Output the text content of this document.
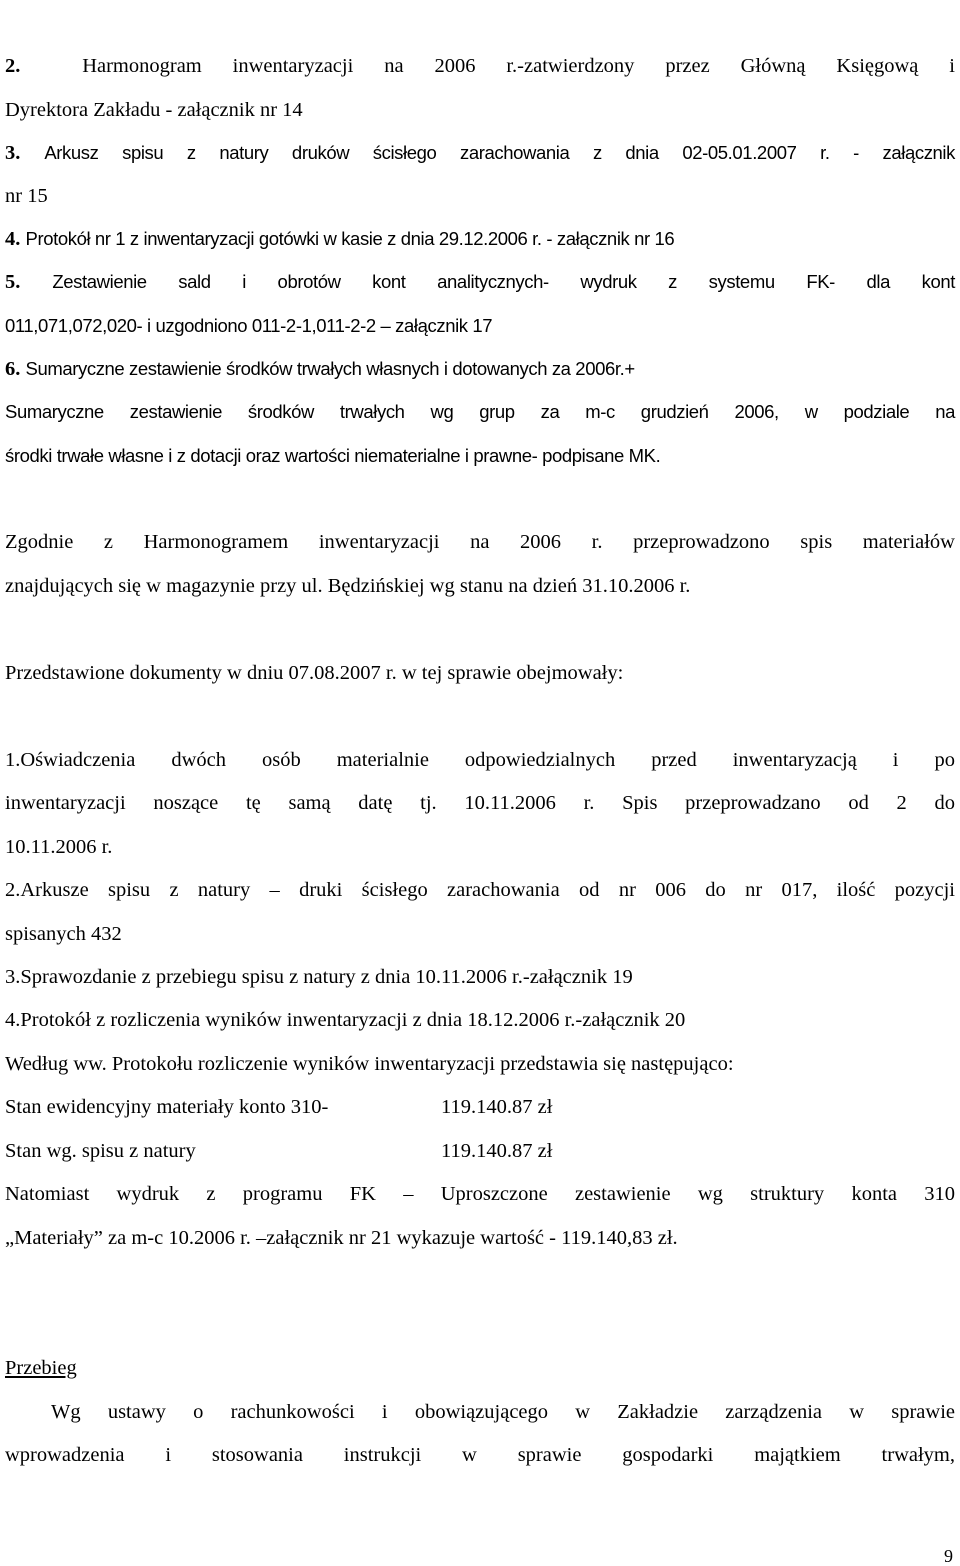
2.	Harmonogram inwentaryzacji na 2006 r.-zatwierdzony przez Główną Księgową i
Dyrektora Zakładu - załącznik nr 14
3. Arkusz spisu z natury druków ścisłego zarachowania z dnia 02-05.01.2007 r. - załącznik
nr 15
4. Protokół nr 1 z inwentaryzacji gotówki w kasie z dnia 29.12.2006 r. - załącznik nr 16
5. Zestawienie sald i obrotów kont analitycznych- wydruk z systemu FK- dla kont
011,071,072,020- i uzgodniono 011-2-1,011-2-2 – załącznik 17
6. Sumaryczne zestawienie środków trwałych własnych i dotowanych za 2006r.+
Sumaryczne zestawienie środków trwałych wg grup za m-c grudzień 2006, w podziale na
środki trwałe własne i z dotacji oraz wartości niematerialne i prawne- podpisane MK.
Zgodnie z Harmonogramem inwentaryzacji na 2006 r. przeprowadzono spis materiałów
znajdujących się w magazynie przy ul. Będzińskiej wg stanu na dzień 31.10.2006 r.
Przedstawione dokumenty w dniu 07.08.2007 r. w tej sprawie obejmowały:
1.Oświadczenia dwóch osób materialnie odpowiedzialnych przed inwentaryzacją i po
inwentaryzacji noszące tę samą datę tj. 10.11.2006 r. Spis przeprowadzano od 2 do
10.11.2006 r.
2.Arkusze spisu z natury – druki ścisłego zarachowania od nr 006 do nr 017, ilość pozycji
spisanych 432
3.Sprawozdanie z przebiegu spisu z natury z dnia 10.11.2006 r.-załącznik 19
4.Protokół z rozliczenia wyników inwentaryzacji z dnia 18.12.2006 r.-załącznik 20
Według ww. Protokołu rozliczenie wyników inwentaryzacji przedstawia się następująco:
Stan ewidencyjny materiały konto 310-	119.140.87 zł
Stan wg. spisu z natury	119.140.87 zł
Natomiast wydruk z programu FK – Uproszczone zestawienie wg struktury konta 310
„Materiały” za m-c 10.2006 r. –załącznik nr 21 wykazuje wartość - 119.140,83 zł.
Przebieg
Wg ustawy o rachunkowości i obowiązującego w Zakładzie zarządzenia w sprawie
wprowadzenia i stosowania instrukcji w sprawie gospodarki majątkiem trwałym,
9
